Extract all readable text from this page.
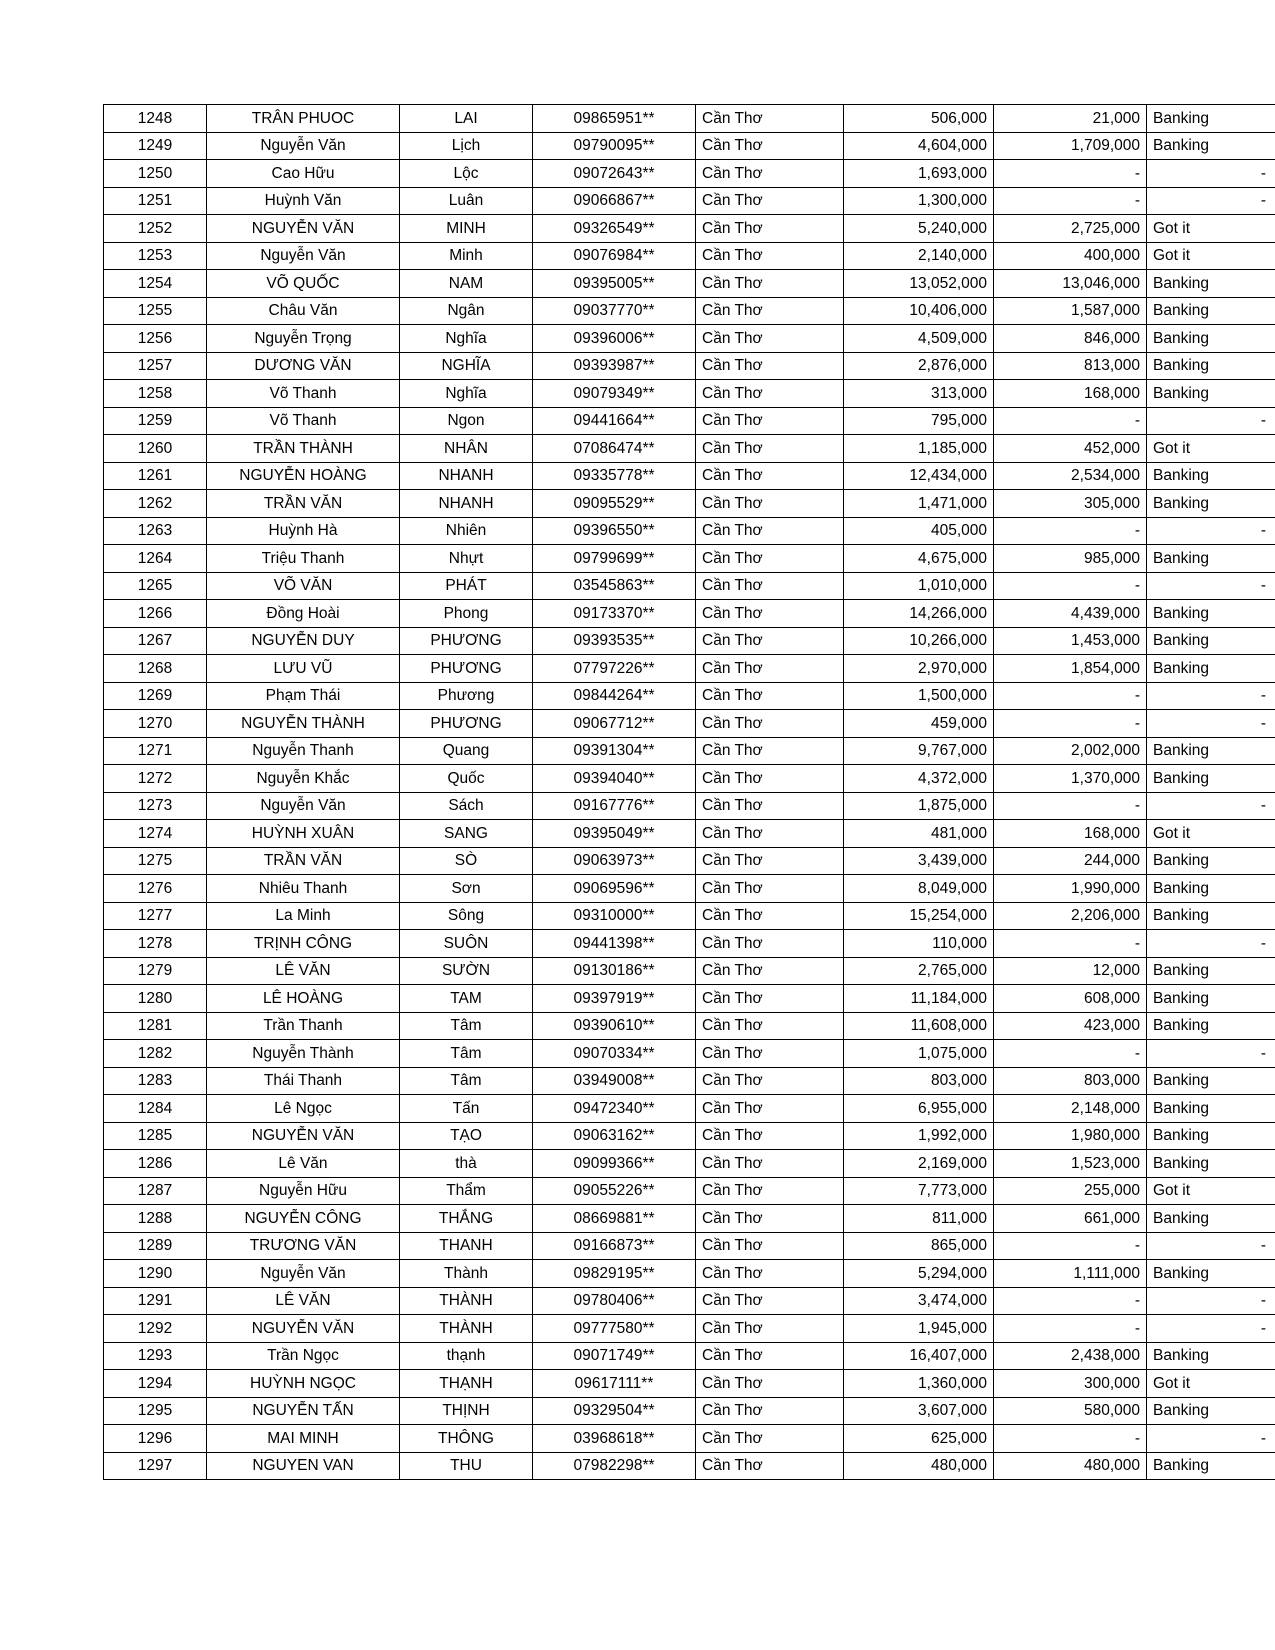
1248	TRÂN PHUOC	LAI	09865951**	Cần Thơ	506,000	21,000	Banking
1249	Nguyễn Văn	Lịch	09790095**	Cần Thơ	4,604,000	1,709,000	Banking
1250	Cao Hữu	Lộc	09072643**	Cần Thơ	1,693,000	-	-
1251	Huỳnh Văn	Luân	09066867**	Cần Thơ	1,300,000	-	-
1252	NGUYỄN VĂN	MINH	09326549**	Cần Thơ	5,240,000	2,725,000	Got it
1253	Nguyễn Văn	Minh	09076984**	Cần Thơ	2,140,000	400,000	Got it
1254	VÕ QUỐC	NAM	09395005**	Cần Thơ	13,052,000	13,046,000	Banking
1255	Châu Văn	Ngân	09037770**	Cần Thơ	10,406,000	1,587,000	Banking
1256	Nguyễn Trọng	Nghĩa	09396006**	Cần Thơ	4,509,000	846,000	Banking
1257	DƯƠNG VĂN	NGHĨA	09393987**	Cần Thơ	2,876,000	813,000	Banking
1258	Võ Thanh	Nghĩa	09079349**	Cần Thơ	313,000	168,000	Banking
1259	Võ Thanh	Ngon	09441664**	Cần Thơ	795,000	-	-
1260	TRẦN THÀNH	NHÂN	07086474**	Cần Thơ	1,185,000	452,000	Got it
1261	NGUYỄN HOÀNG	NHANH	09335778**	Cần Thơ	12,434,000	2,534,000	Banking
1262	TRẦN VĂN	NHANH	09095529**	Cần Thơ	1,471,000	305,000	Banking
1263	Huỳnh Hà	Nhiên	09396550**	Cần Thơ	405,000	-	-
1264	Triệu Thanh	Nhựt	09799699**	Cần Thơ	4,675,000	985,000	Banking
1265	VÕ VĂN	PHÁT	03545863**	Cần Thơ	1,010,000	-	-
1266	Đồng Hoài	Phong	09173370**	Cần Thơ	14,266,000	4,439,000	Banking
1267	NGUYỄN DUY	PHƯƠNG	09393535**	Cần Thơ	10,266,000	1,453,000	Banking
1268	LƯU VŨ	PHƯƠNG	07797226**	Cần Thơ	2,970,000	1,854,000	Banking
1269	Phạm Thái	Phương	09844264**	Cần Thơ	1,500,000	-	-
1270	NGUYỄN THÀNH	PHƯƠNG	09067712**	Cần Thơ	459,000	-	-
1271	Nguyễn Thanh	Quang	09391304**	Cần Thơ	9,767,000	2,002,000	Banking
1272	Nguyễn Khắc	Quốc	09394040**	Cần Thơ	4,372,000	1,370,000	Banking
1273	Nguyễn Văn	Sách	09167776**	Cần Thơ	1,875,000	-	-
1274	HUỲNH XUÂN	SANG	09395049**	Cần Thơ	481,000	168,000	Got it
1275	TRẦN VĂN	SÒ	09063973**	Cần Thơ	3,439,000	244,000	Banking
1276	Nhiêu Thanh	Sơn	09069596**	Cần Thơ	8,049,000	1,990,000	Banking
1277	La Minh	Sông	09310000**	Cần Thơ	15,254,000	2,206,000	Banking
1278	TRỊNH CÔNG	SUÔN	09441398**	Cần Thơ	110,000	-	-
1279	LÊ VĂN	SƯỜN	09130186**	Cần Thơ	2,765,000	12,000	Banking
1280	LÊ HOÀNG	TAM	09397919**	Cần Thơ	11,184,000	608,000	Banking
1281	Trần Thanh	Tâm	09390610**	Cần Thơ	11,608,000	423,000	Banking
1282	Nguyễn Thành	Tâm	09070334**	Cần Thơ	1,075,000	-	-
1283	Thái Thanh	Tâm	03949008**	Cần Thơ	803,000	803,000	Banking
1284	Lê Ngọc	Tấn	09472340**	Cần Thơ	6,955,000	2,148,000	Banking
1285	NGUYỄN VĂN	TẠO	09063162**	Cần Thơ	1,992,000	1,980,000	Banking
1286	Lê Văn	thà	09099366**	Cần Thơ	2,169,000	1,523,000	Banking
1287	Nguyễn Hữu	Thẩm	09055226**	Cần Thơ	7,773,000	255,000	Got it
1288	NGUYỄN CÔNG	THẮNG	08669881**	Cần Thơ	811,000	661,000	Banking
1289	TRƯƠNG VĂN	THANH	09166873**	Cần Thơ	865,000	-	-
1290	Nguyễn Văn	Thành	09829195**	Cần Thơ	5,294,000	1,111,000	Banking
1291	LÊ VĂN	THÀNH	09780406**	Cần Thơ	3,474,000	-	-
1292	NGUYỄN VĂN	THÀNH	09777580**	Cần Thơ	1,945,000	-	-
1293	Trần Ngọc	thạnh	09071749**	Cần Thơ	16,407,000	2,438,000	Banking
1294	HUỲNH NGỌC	THẠNH	09617111**	Cần Thơ	1,360,000	300,000	Got it
1295	NGUYỄN TẤN	THỊNH	09329504**	Cần Thơ	3,607,000	580,000	Banking
1296	MAI MINH	THÔNG	03968618**	Cần Thơ	625,000	-	-
1297	NGUYEN VAN	THU	07982298**	Cần Thơ	480,000	480,000	Banking
